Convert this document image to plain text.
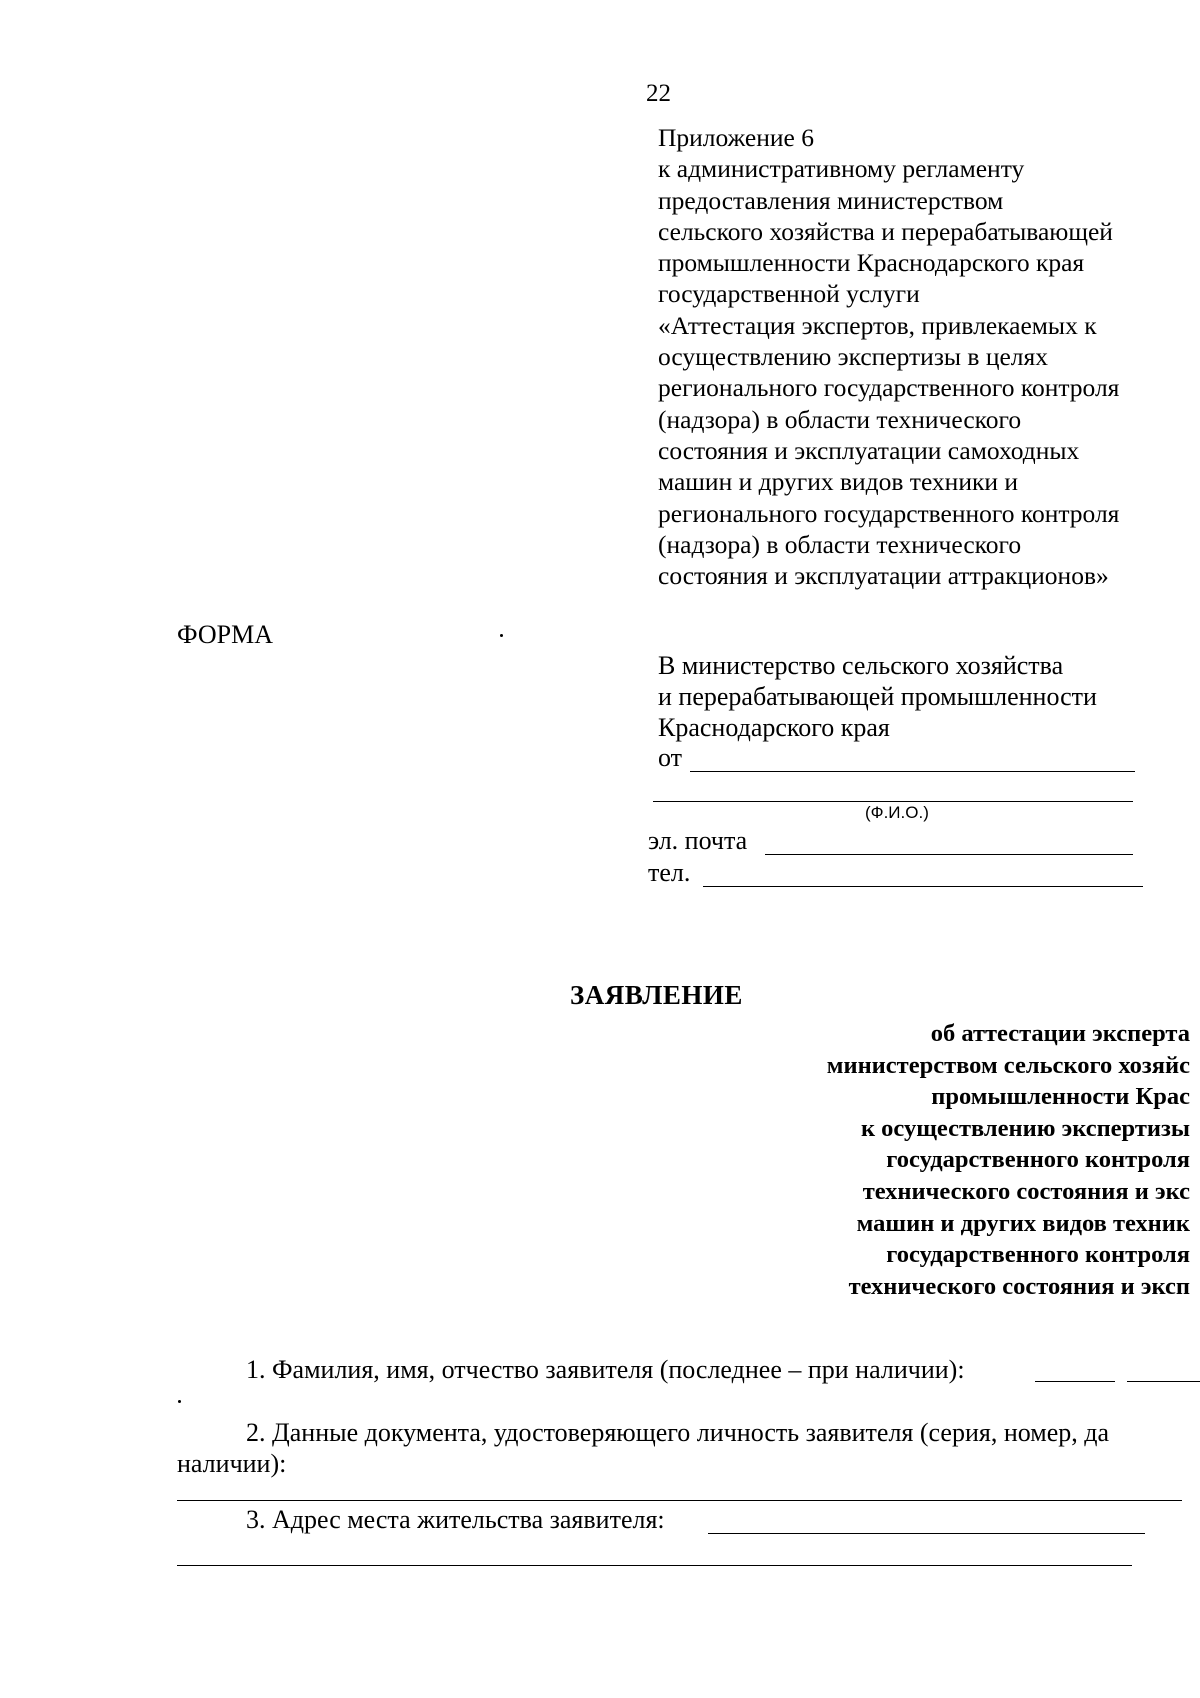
22
Приложение 6
к административному регламенту
предоставления министерством
сельского хозяйства и перерабатывающей
промышленности Краснодарского края
государственной услуги
«Аттестация экспертов, привлекаемых к
осуществлению экспертизы в целях
регионального государственного контроля
(надзора) в области технического
состояния и эксплуатации самоходных
машин и других видов техники и
регионального государственного контроля
(надзора) в области технического
состояния и эксплуатации аттракционов»
ФОРМА
В министерство сельского хозяйства
и перерабатывающей промышленности
Краснодарского края
от
(Ф.И.О.)
эл. почта
тел.
ЗАЯВЛЕНИЕ
об аттестации эксперта
министерством сельского хозяйс
промышленности Крас
к осуществлению экспертизы
государственного контроля
технического состояния и экс
машин и других видов техник
государственного контроля
технического состояния и эксп
1. Фамилия, имя, отчество заявителя (последнее – при наличии):
2. Данные документа, удостоверяющего личность заявителя (серия, номер, да
наличии):
3. Адрес места жительства заявителя:
